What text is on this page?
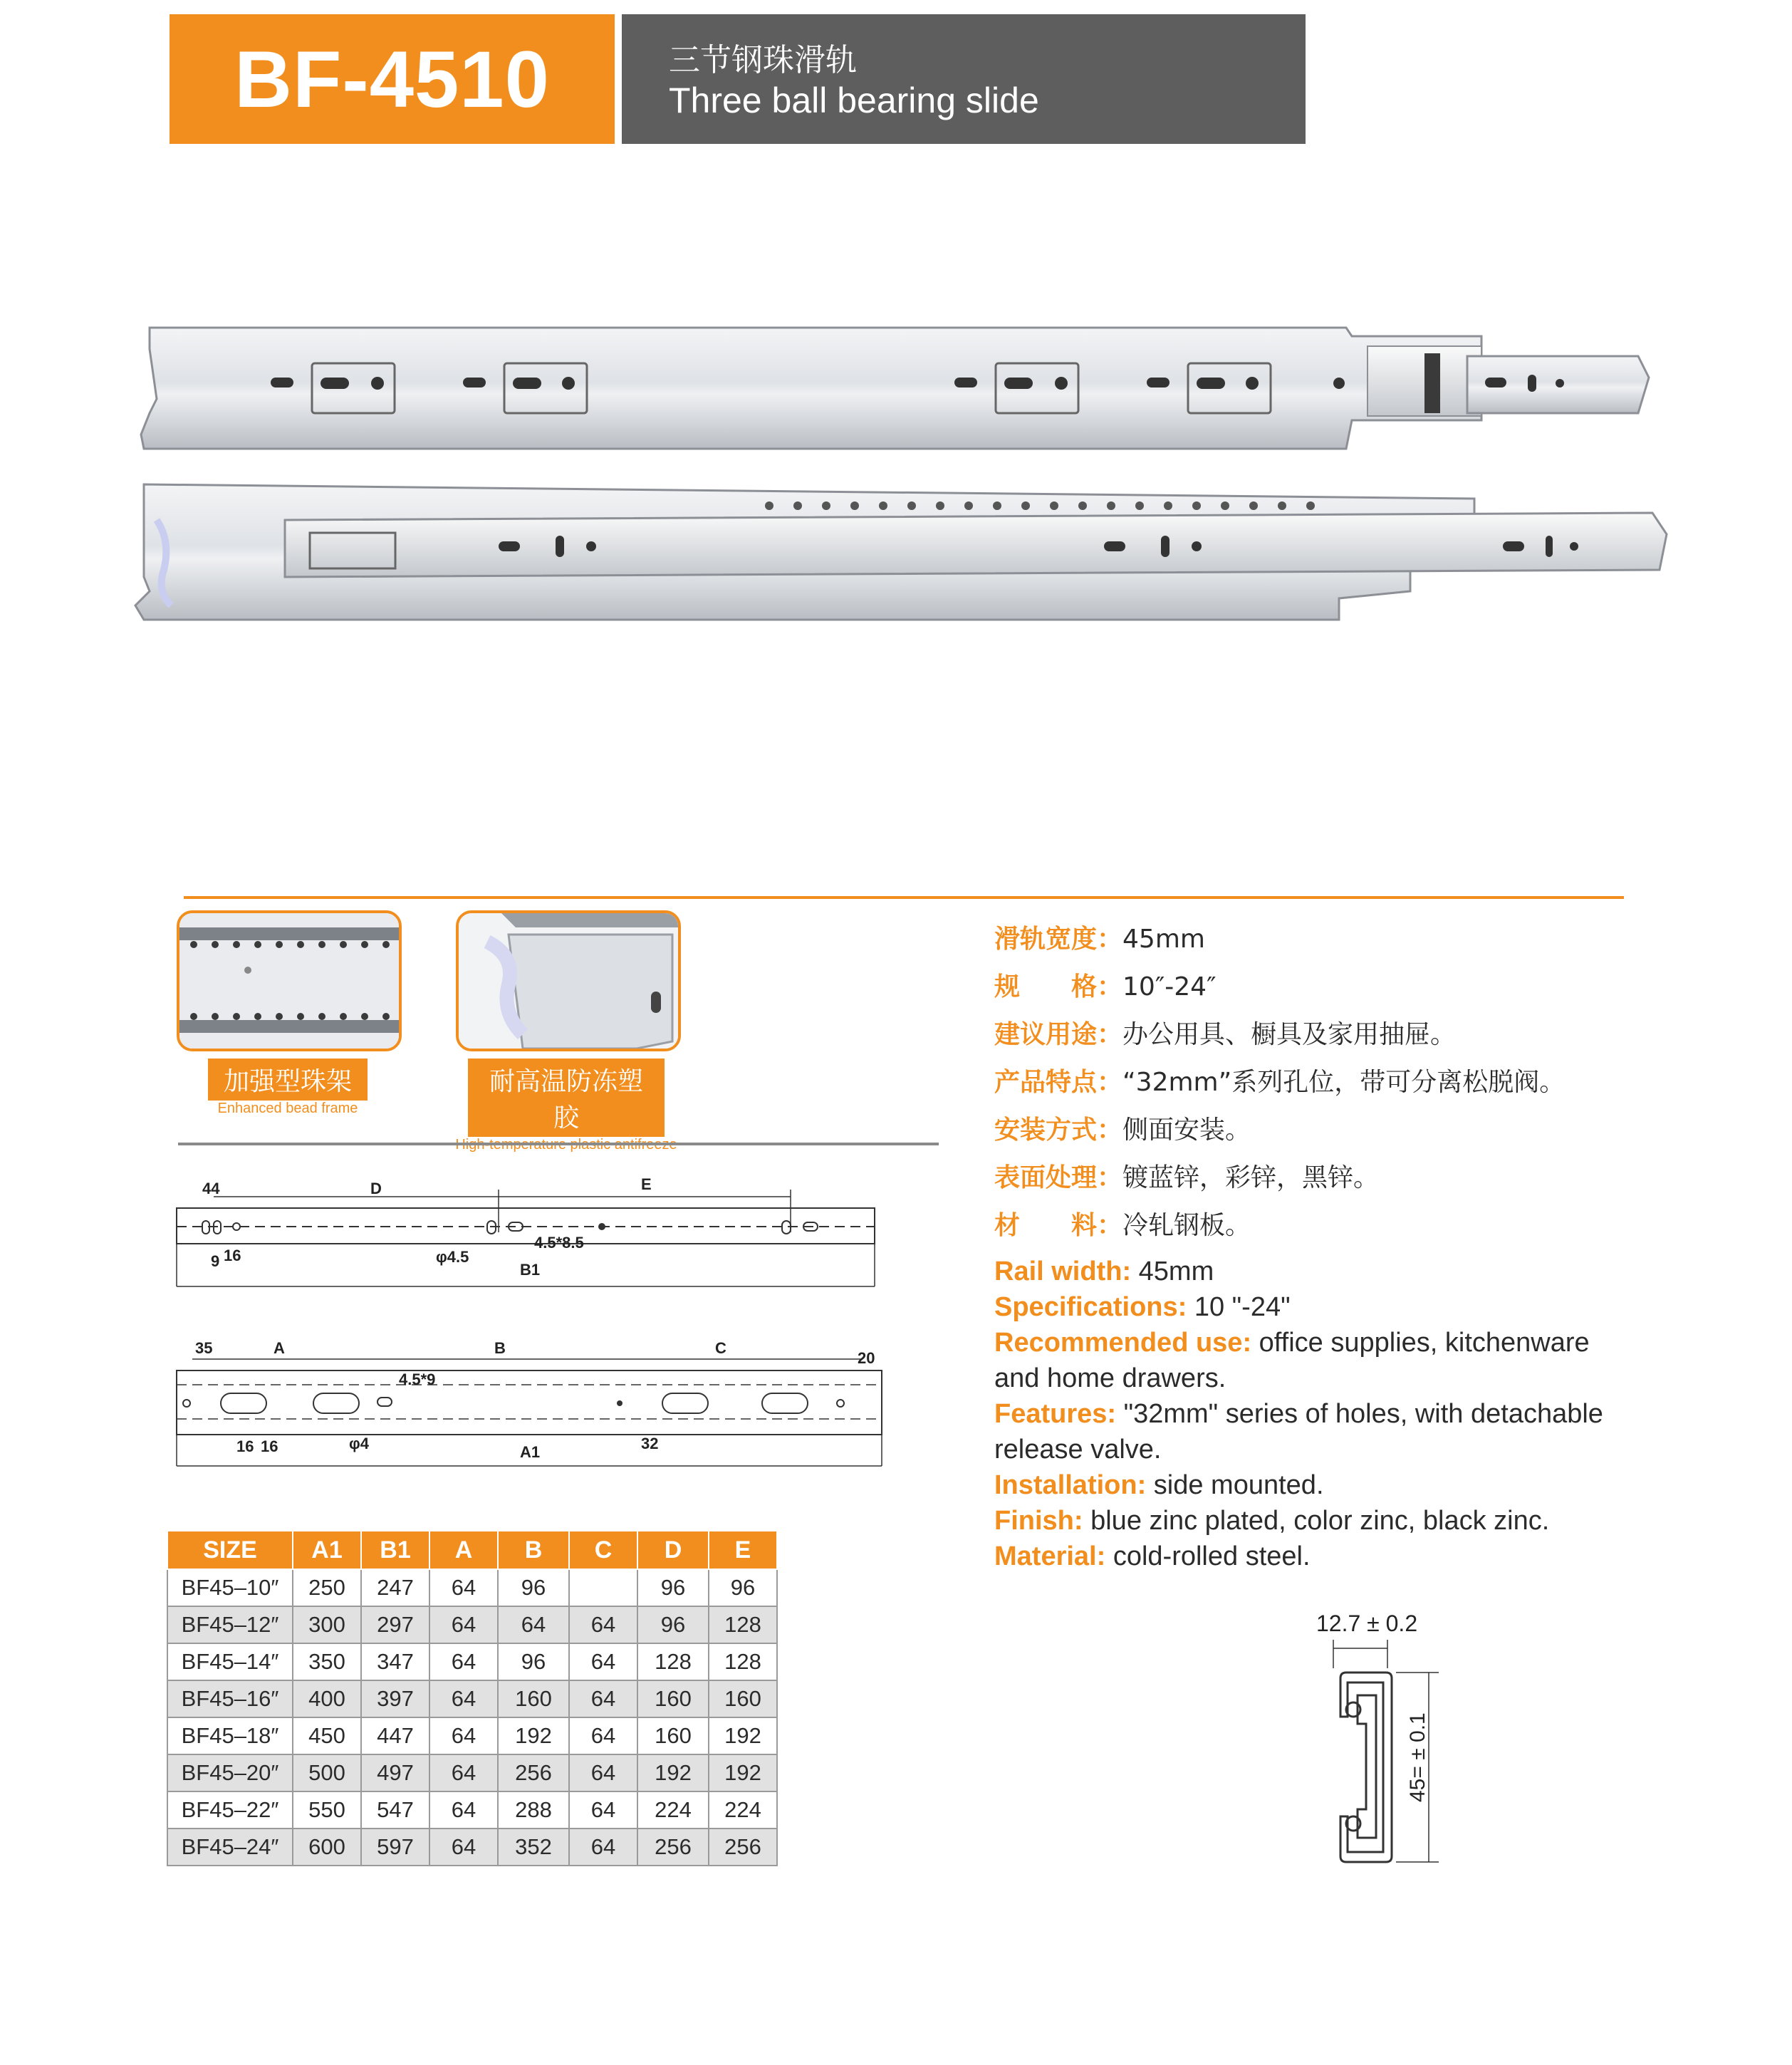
BF-4510	三节钢珠滑轨
Three ball bearing slide
加强型珠架
Enhanced bead frame
耐高温防冻塑胶
44	D	E
9 16	φ4.5
4.5*8.5
B1
35	A	B	C
20
4.5*9
16 16	φ4	A1	32
SIZE	A1	B1	A	B	C	D	E
BF45–10″	250	247	64	96		96	96
BF45–12″	300	297	64	64	64	96	128
BF45–14″	350	347	64	96	64	128	128
BF45–16″	400	397	64	160	64	160	160
BF45–18″	450	447	64	192	64	160	192
BF45–20″	500	497	64	256	64	192	192
BF45–22″	550	547	64	288	64	224	224
BF45–24″	600	597	64	352	64	256	256
滑轨宽度：45mm
规　　格：10″-24″
建议用途：办公用具、橱具及家用抽屉。
产品特点：“32mm”系列孔位，带可分离松脱阀。
安装方式：侧面安装。
表面处理：镀蓝锌，彩锌，黑锌。
材　　料：冷轧钢板。
Rail width: 45mm
Specifications: 10 "-24"
Recommended use: office supplies, kitchenware and home drawers.
Features: "32mm" series of holes, with detachable release valve.
Installation: side mounted.
Finish: blue zinc plated, color zinc, black zinc.
Material: cold-rolled steel.
12.7 ± 0.2
45= ± 0.1
